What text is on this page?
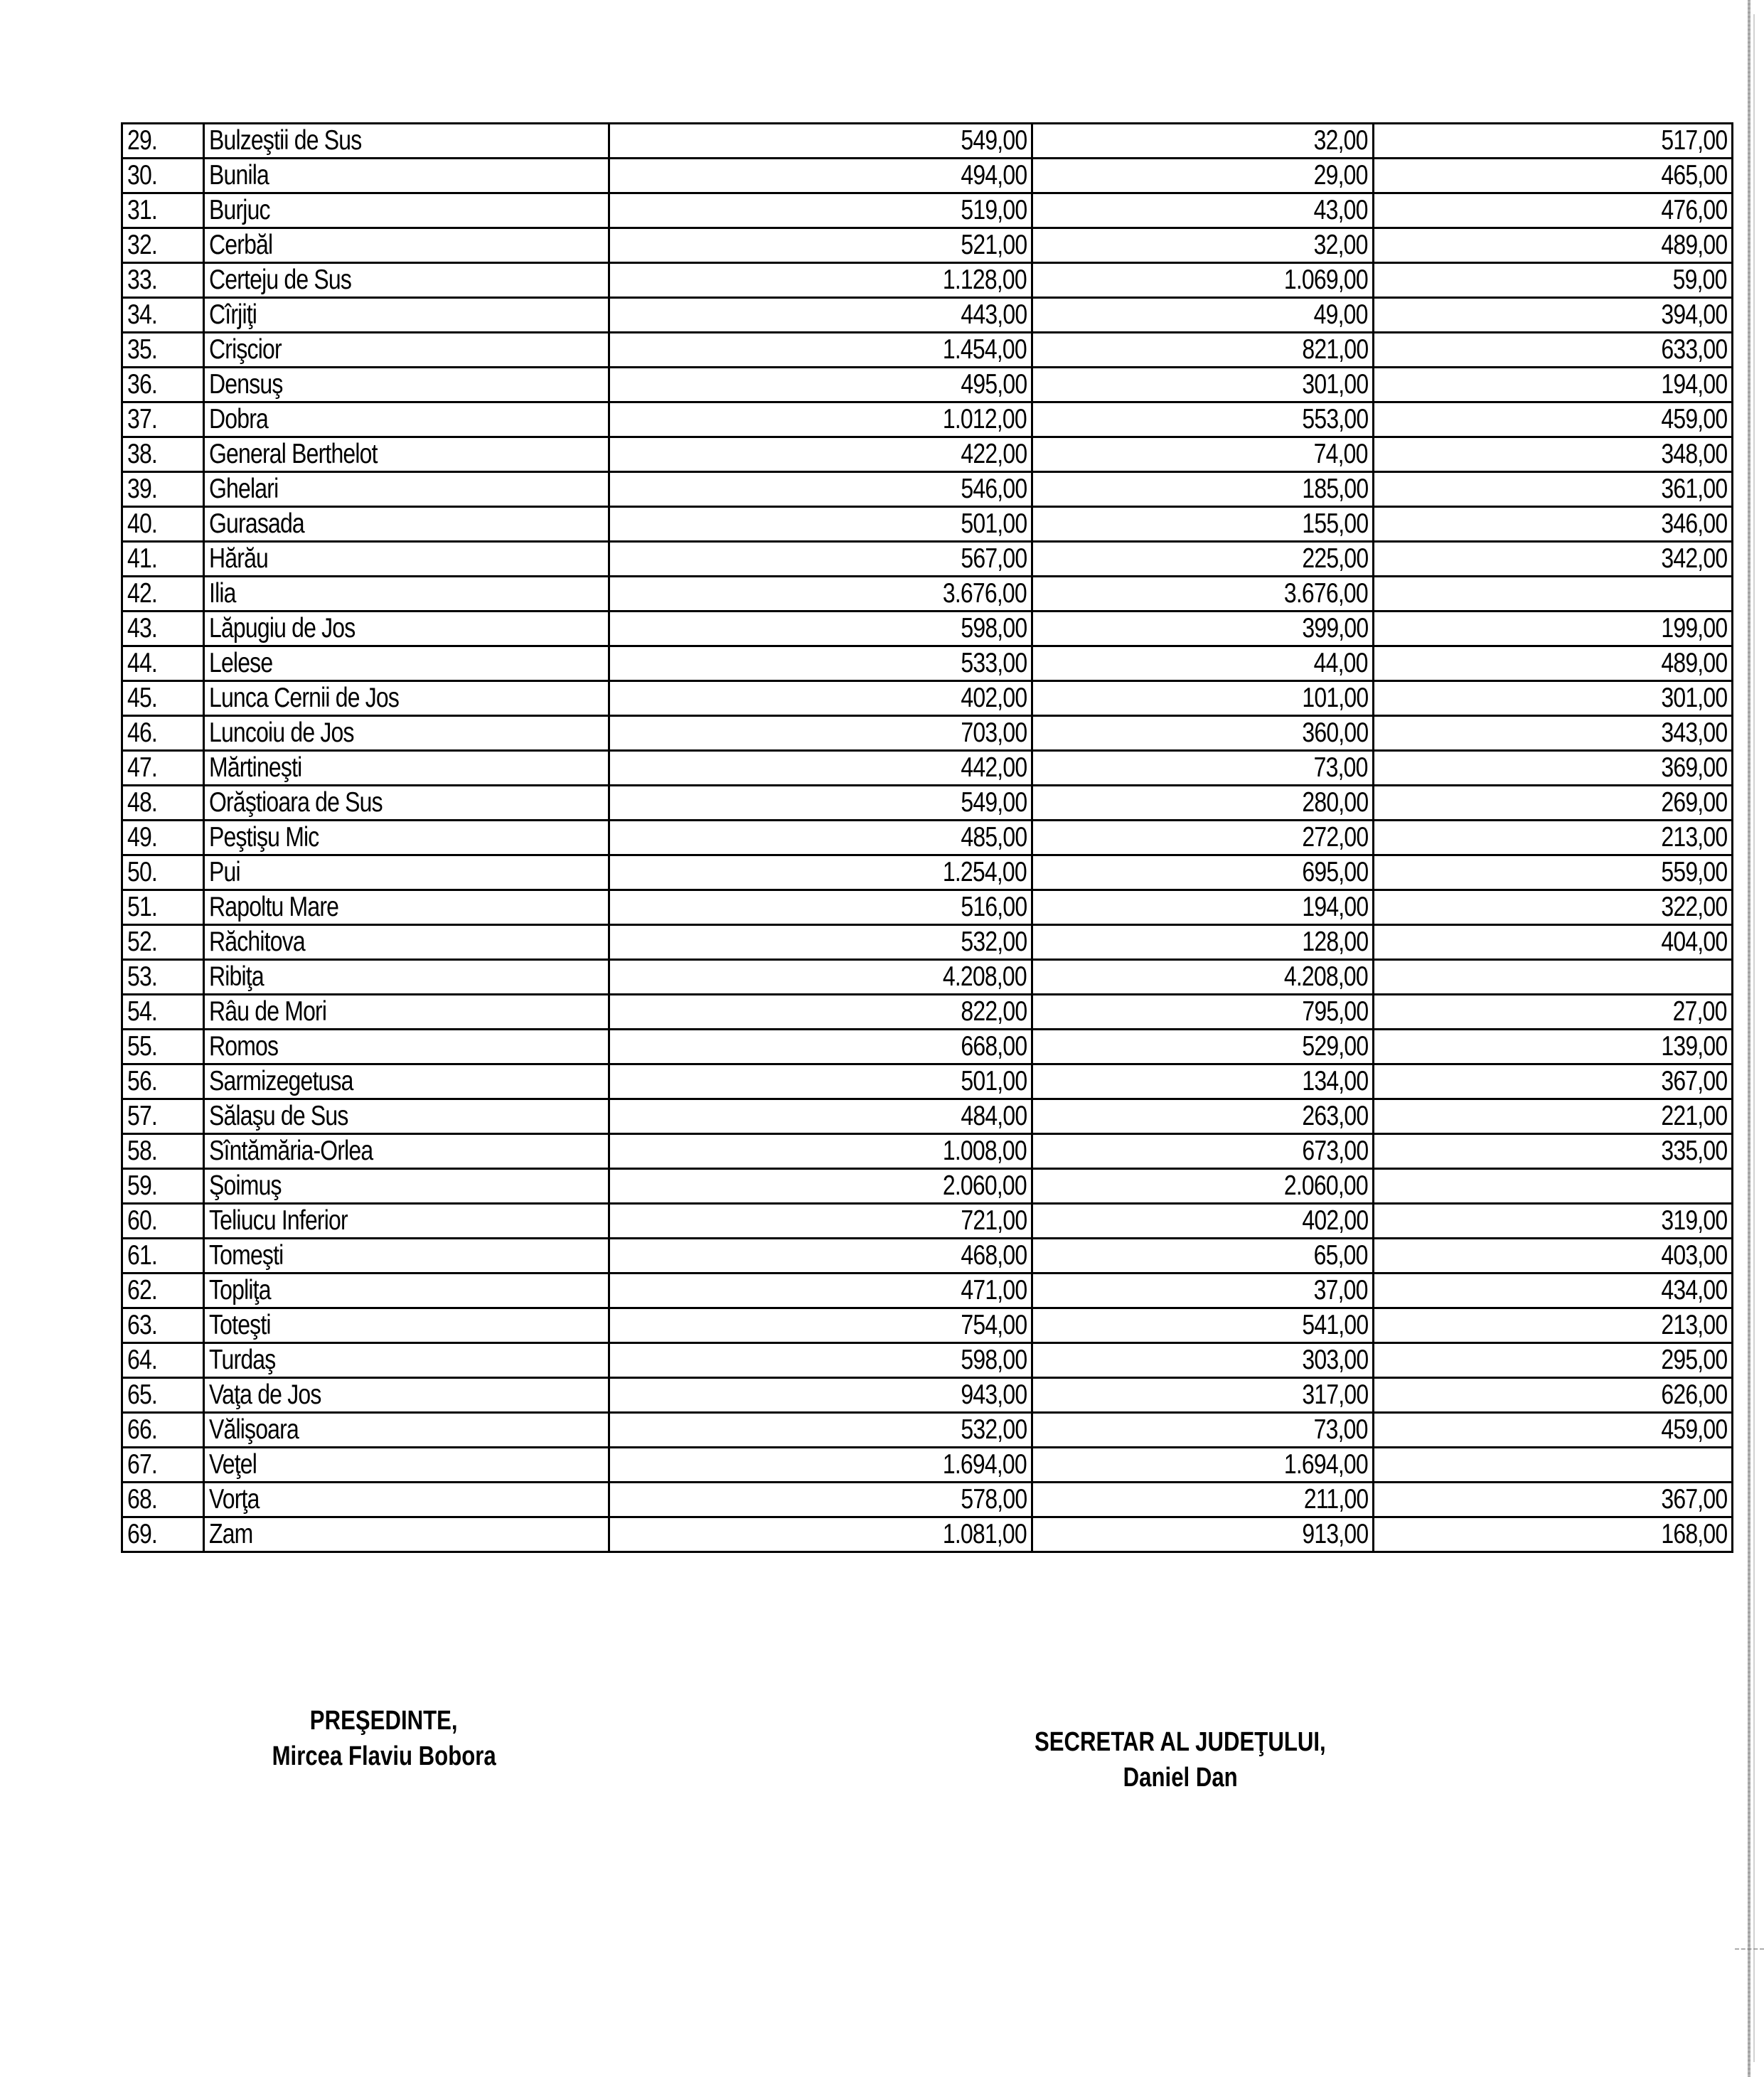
29.	Bulzeştii de Sus	549,00	32,00	517,00
30.	Bunila	494,00	29,00	465,00
31.	Burjuc	519,00	43,00	476,00
32.	Cerbăl	521,00	32,00	489,00
33.	Certeju de Sus	1.128,00	1.069,00	59,00
34.	Cîrjiţi	443,00	49,00	394,00
35.	Crişcior	1.454,00	821,00	633,00
36.	Densuş	495,00	301,00	194,00
37.	Dobra	1.012,00	553,00	459,00
38.	General Berthelot	422,00	74,00	348,00
39.	Ghelari	546,00	185,00	361,00
40.	Gurasada	501,00	155,00	346,00
41.	Hărău	567,00	225,00	342,00
42.	Ilia	3.676,00	3.676,00	
43.	Lăpugiu de Jos	598,00	399,00	199,00
44.	Lelese	533,00	44,00	489,00
45.	Lunca Cernii de Jos	402,00	101,00	301,00
46.	Luncoiu de Jos	703,00	360,00	343,00
47.	Mărtineşti	442,00	73,00	369,00
48.	Orăştioara de Sus	549,00	280,00	269,00
49.	Peştişu Mic	485,00	272,00	213,00
50.	Pui	1.254,00	695,00	559,00
51.	Rapoltu Mare	516,00	194,00	322,00
52.	Răchitova	532,00	128,00	404,00
53.	Ribiţa	4.208,00	4.208,00	
54.	Râu de Mori	822,00	795,00	27,00
55.	Romos	668,00	529,00	139,00
56.	Sarmizegetusa	501,00	134,00	367,00
57.	Sălaşu de Sus	484,00	263,00	221,00
58.	Sîntămăria-Orlea	1.008,00	673,00	335,00
59.	Şoimuş	2.060,00	2.060,00	
60.	Teliucu Inferior	721,00	402,00	319,00
61.	Tomeşti	468,00	65,00	403,00
62.	Topliţa	471,00	37,00	434,00
63.	Toteşti	754,00	541,00	213,00
64.	Turdaş	598,00	303,00	295,00
65.	Vaţa de Jos	943,00	317,00	626,00
66.	Vălişoara	532,00	73,00	459,00
67.	Veţel	1.694,00	1.694,00	
68.	Vorţa	578,00	211,00	367,00
69.	Zam	1.081,00	913,00	168,00
PREŞEDINTE,
Mircea Flaviu Bobora	SECRETAR AL JUDEŢULUI,
Daniel Dan
